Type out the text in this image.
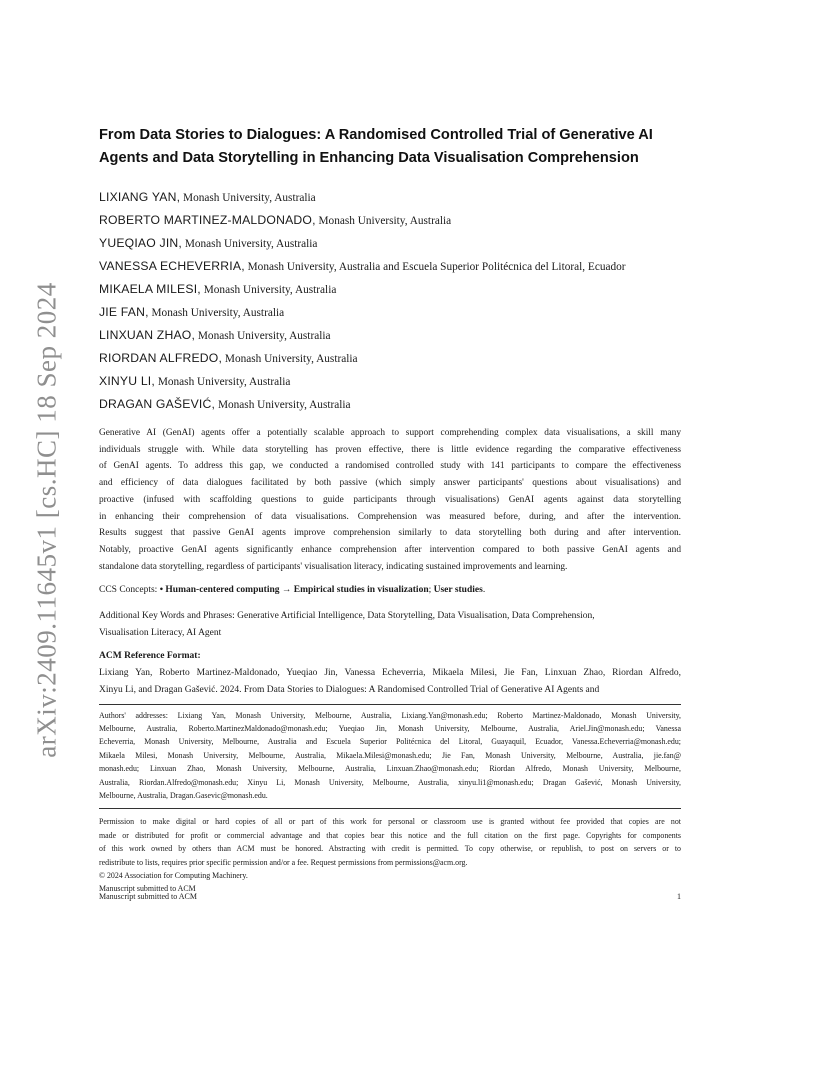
arXiv:2409.11645v1 [cs.HC] 18 Sep 2024
From Data Stories to Dialogues: A Randomised Controlled Trial of Generative AI
Agents and Data Storytelling in Enhancing Data Visualisation Comprehension
LIXIANG YAN, Monash University, Australia
ROBERTO MARTINEZ-MALDONADO, Monash University, Australia
YUEQIAO JIN, Monash University, Australia
VANESSA ECHEVERRIA, Monash University, Australia and Escuela Superior Politécnica del Litoral, Ecuador
MIKAELA MILESI, Monash University, Australia
JIE FAN, Monash University, Australia
LINXUAN ZHAO, Monash University, Australia
RIORDAN ALFREDO, Monash University, Australia
XINYU LI, Monash University, Australia
DRAGAN GAŠEVIĆ, Monash University, Australia
Generative AI (GenAI) agents offer a potentially scalable approach to support comprehending complex data visualisations, a skill many
individuals struggle with. While data storytelling has proven effective, there is little evidence regarding the comparative effectiveness
of GenAI agents. To address this gap, we conducted a randomised controlled study with 141 participants to compare the effectiveness
and efficiency of data dialogues facilitated by both passive (which simply answer participants' questions about visualisations) and
proactive (infused with scaffolding questions to guide participants through visualisations) GenAI agents against data storytelling
in enhancing their comprehension of data visualisations. Comprehension was measured before, during, and after the intervention.
Results suggest that passive GenAI agents improve comprehension similarly to data storytelling both during and after intervention.
Notably, proactive GenAI agents significantly enhance comprehension after intervention compared to both passive GenAI agents and
standalone data storytelling, regardless of participants' visualisation literacy, indicating sustained improvements and learning.
CCS Concepts: • Human-centered computing → Empirical studies in visualization; User studies.
Additional Key Words and Phrases: Generative Artificial Intelligence, Data Storytelling, Data Visualisation, Data Comprehension,
Visualisation Literacy, AI Agent
ACM Reference Format:
Lixiang Yan, Roberto Martinez-Maldonado, Yueqiao Jin, Vanessa Echeverria, Mikaela Milesi, Jie Fan, Linxuan Zhao, Riordan Alfredo,
Xinyu Li, and Dragan Gašević. 2024. From Data Stories to Dialogues: A Randomised Controlled Trial of Generative AI Agents and
Authors' addresses: Lixiang Yan, Monash University, Melbourne, Australia, Lixiang.Yan@monash.edu; Roberto Martinez-Maldonado, Monash University,
Melbourne, Australia, Roberto.MartinezMaldonado@monash.edu; Yueqiao Jin, Monash University, Melbourne, Australia, Ariel.Jin@monash.edu; Vanessa
Echeverria, Monash University, Melbourne, Australia and Escuela Superior Politécnica del Litoral, Guayaquil, Ecuador, Vanessa.Echeverria@monash.edu;
Mikaela Milesi, Monash University, Melbourne, Australia, Mikaela.Milesi@monash.edu; Jie Fan, Monash University, Melbourne, Australia, jie.fan@
monash.edu; Linxuan Zhao, Monash University, Melbourne, Australia, Linxuan.Zhao@monash.edu; Riordan Alfredo, Monash University, Melbourne,
Australia, Riordan.Alfredo@monash.edu; Xinyu Li, Monash University, Melbourne, Australia, xinyu.li1@monash.edu; Dragan Gašević, Monash University,
Melbourne, Australia, Dragan.Gasevic@monash.edu.
Permission to make digital or hard copies of all or part of this work for personal or classroom use is granted without fee provided that copies are not
made or distributed for profit or commercial advantage and that copies bear this notice and the full citation on the first page. Copyrights for components
of this work owned by others than ACM must be honored. Abstracting with credit is permitted. To copy otherwise, or republish, to post on servers or to
redistribute to lists, requires prior specific permission and/or a fee. Request permissions from permissions@acm.org.
© 2024 Association for Computing Machinery.
Manuscript submitted to ACM
Manuscript submitted to ACM	1
